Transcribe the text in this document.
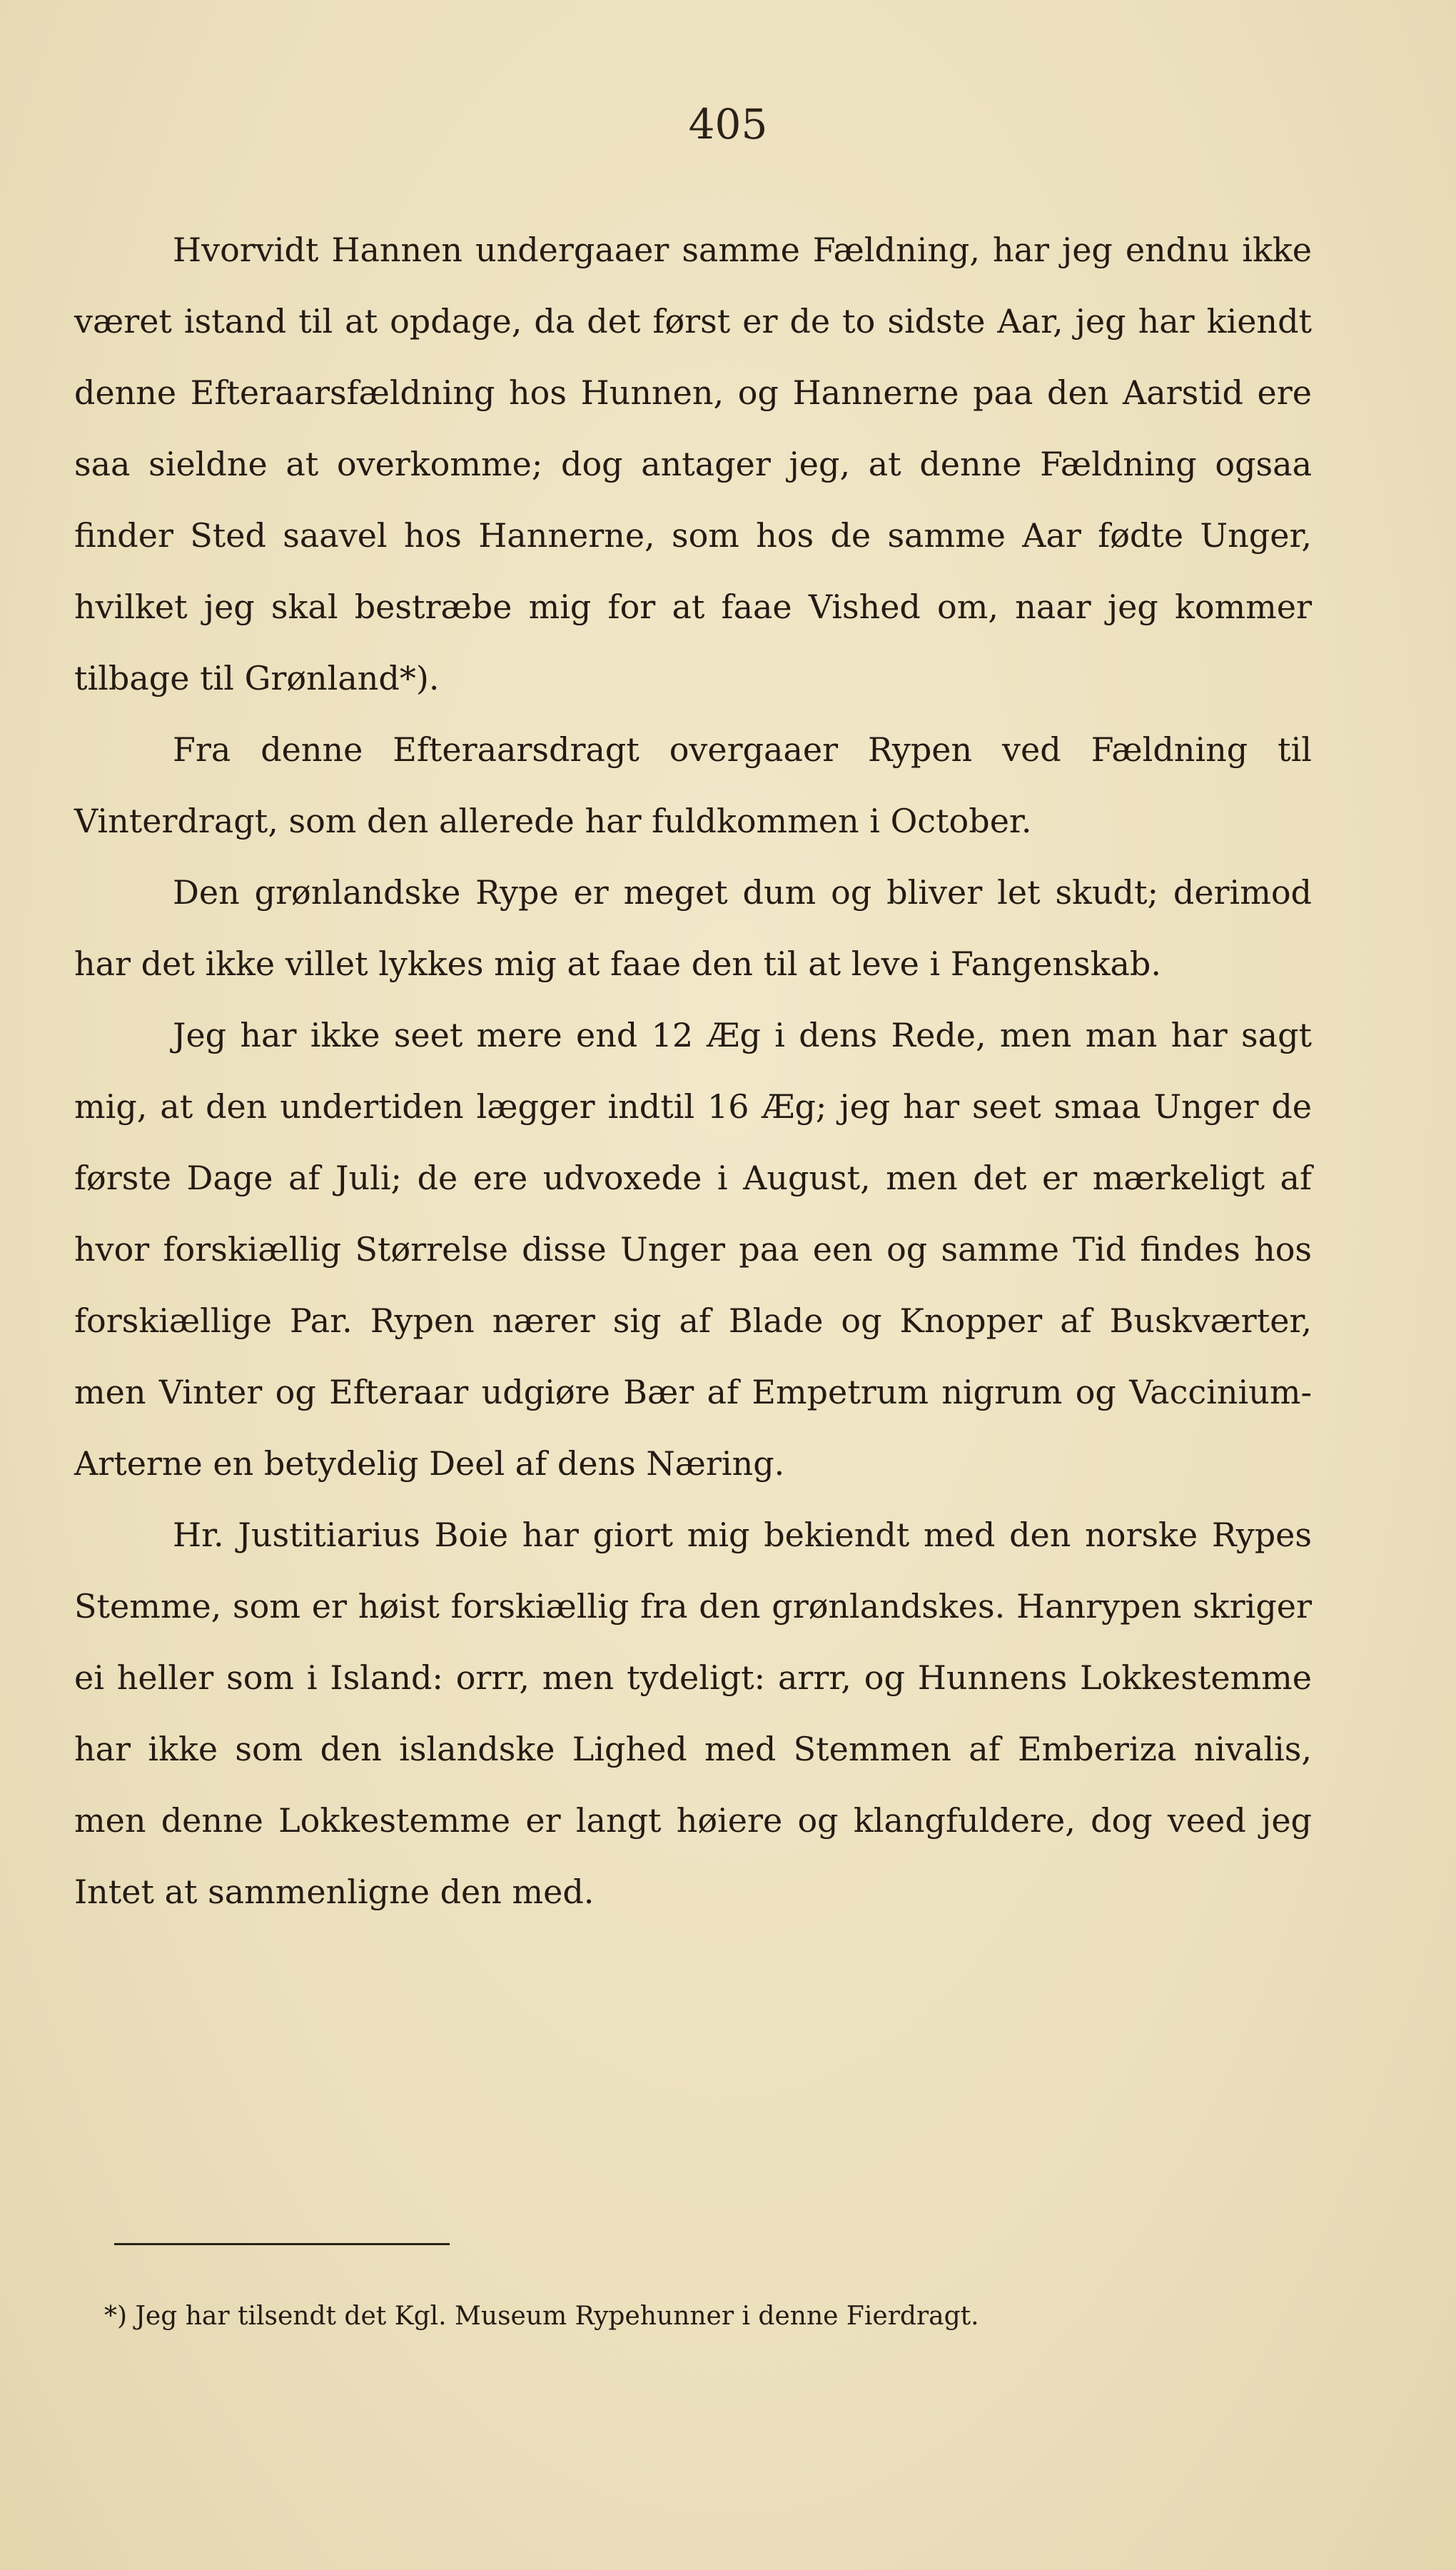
405

Hvorvidt Hannen undergaaer samme Fældning, har jeg endnu ikke været istand til at opdage, da det først er de to sidste Aar, jeg har kiendt denne Efteraarsfældning hos Hunnen, og Hannerne paa den Aarstid ere saa sieldne at overkomme; dog antager jeg, at denne Fældning ogsaa finder Sted saavel hos Hannerne, som hos de samme Aar fødte Unger, hvilket jeg skal bestræbe mig for at faae Vished om, naar jeg kommer tilbage til Grønland*).

Fra denne Efteraarsdragt overgaaer Rypen ved Fældning til Vinterdragt, som den allerede har fuldkommen i October.

Den grønlandske Rype er meget dum og bliver let skudt; derimod har det ikke villet lykkes mig at faae den til at leve i Fangenskab.

Jeg har ikke seet mere end 12 Æg i dens Rede, men man har sagt mig, at den undertiden lægger indtil 16 Æg; jeg har seet smaa Unger de første Dage af Juli; de ere udvoxede i August, men det er mærkeligt af hvor forskiællig Størrelse disse Unger paa een og samme Tid findes hos forskiællige Par. Rypen nærer sig af Blade og Knopper af Buskværter, men Vinter og Efteraar udgiøre Bær af Empetrum nigrum og Vaccinium-Arterne en betydelig Deel af dens Næring.

Hr. Justitiarius Boie har giort mig bekiendt med den norske Rypes Stemme, som er høist forskiællig fra den grønlandskes. Hanrypen skriger ei heller som i Island: orrr, men tydeligt: arrr, og Hunnens Lokkestemme har ikke som den islandske Lighed med Stemmen af Emberiza nivalis, men denne Lokkestemme er langt høiere og klangfuldere, dog veed jeg Intet at sammenligne den med.

*) Jeg har tilsendt det Kgl. Museum Rypehunner i denne Fierdragt.
